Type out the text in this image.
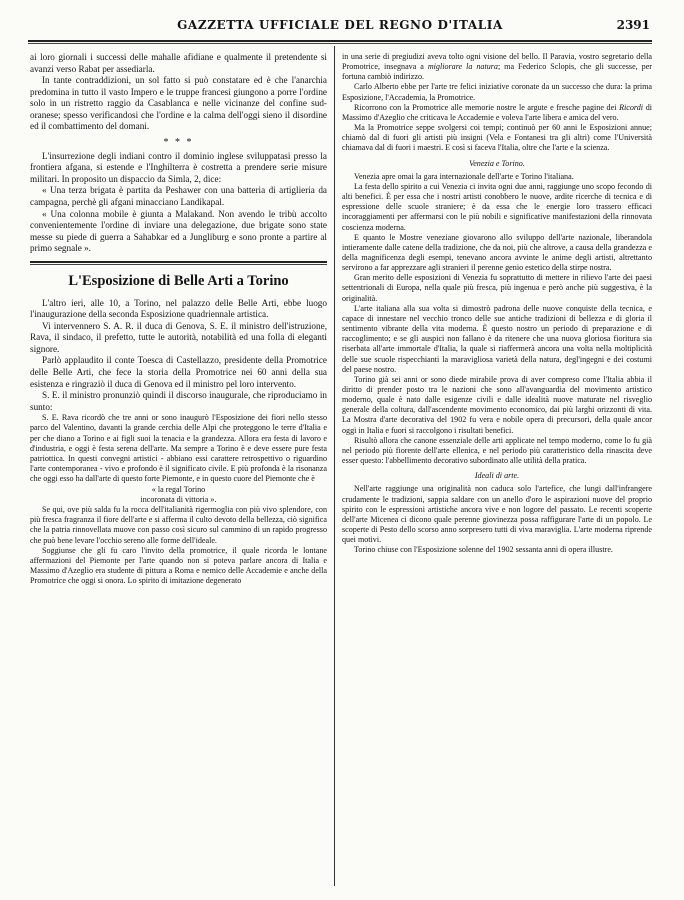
GAZZETTA UFFICIALE DEL REGNO D'ITALIA	2391

ai loro giornali i successi delle mahalle afidiane e qualmente il pretendente si avanzi verso Rabat per assediarla.

In tante contraddizioni, un sol fatto si può constatare ed è che l'anarchia predomina in tutto il vasto Impero e le truppe francesi giungono a porre l'ordine solo in un ristretto raggio da Casablanca e nelle vicinanze del confine sud-oranese; spesso verificandosi che l'ordine e la calma dell'oggi sieno il disordine ed il combattimento del domani.

* * *

L'insurrezione degli indiani contro il dominio inglese sviluppatasi presso la frontiera afgana, si estende e l'Inghilterra è costretta a prendere serie misure militari. In proposito un dispaccio da Simla, 2, dice:

« Una terza brigata è partita da Peshawer con una batteria di artiglieria da campagna, perchè gli afgani minacciano Landikapal.

« Una colonna mobile è giunta a Malakand. Non avendo le tribù accolto convenientemente l'ordine di inviare una delegazione, due brigate sono state messe su piede di guerra a Sahabkar ed a Jungliburg e sono pronte a partire al primo segnale ».

L'Esposizione di Belle Arti a Torino

L'altro ieri, alle 10, a Torino, nel palazzo delle Belle Arti, ebbe luogo l'inaugurazione della seconda Esposizione quadriennale artistica.

Vi intervennero S. A. R. il duca di Genova, S. E. il ministro dell'istruzione, Rava, il sindaco, il prefetto, tutte le autorità, notabilità ed una folla di eleganti signore.

Parlò applaudito il conte Toesca di Castellazzo, presidente della Promotrice delle Belle Arti, che fece la storia della Promotrice nei 60 anni della sua esistenza e ringraziò il duca di Genova ed il ministro pel loro intervento.

S. E. il ministro pronunziò quindi il discorso inaugurale, che riproduciamo in sunto:

S. E. Rava ricordò che tre anni or sono inaugurò l'Esposizione dei fiori nello stesso parco del Valentino, davanti la grande cerchia delle Alpi che proteggono le terre d'Italia e per che diano a Torino e ai figli suoi la tenacia e la grandezza. Allora era festa di lavoro e d'industria, e oggi è festa serena dell'arte. Ma sempre a Torino è e deve essere pure festa patriottica. In questi convegni artistici - abbiano essi carattere retrospettivo o riguardino l'arte contemporanea - vivo e profondo è il significato civile. E più profonda è la risonanza che oggi esso ha dall'arte di questo forte Piemonte, e in questo cuore del Piemonte che è

« la regal Torino

incoronata di vittoria ».

Se qui, ove più salda fu la rocca dell'italianità rigermoglia con più vivo splendore, con più fresca fragranza il fiore dell'arte e si afferma il culto devoto della bellezza, ciò significa che la patria rinnovellata muove con passo così sicuro sul cammino di un rapido progresso che può bene levare l'occhio sereno alle forme dell'ideale.

Soggiunse che gli fu caro l'invito della promotrice, il quale ricorda le lontane affermazioni del Piemonte per l'arte quando non si poteva parlare ancora di Italia e Massimo d'Azeglio era studente di pittura a Roma e nemico delle Accademie e anche della Promotrice che oggi si onora. Lo spirito di imitazione degenerato

in una serie di pregiudizi aveva tolto ogni visione del bello. Il Paravia, vostro segretario della Promotrice, insegnava a migliorare la natura; ma Federico Sclopis, che gli successe, per fortuna cambiò indirizzo.

Carlo Alberto ebbe per l'arte tre felici iniziative coronate da un successo che dura: la prima Esposizione, l'Accademia, la Promotrice.

Ricorrono con la Promotrice alle memorie nostre le argute e fresche pagine dei Ricordi di Massimo d'Azeglio che criticava le Accademie e voleva l'arte libera e amica del vero.

Ma la Promotrice seppe svolgersi coi tempi; continuò per 60 anni le Esposizioni annue; chiamò dal di fuori gli artisti più insigni (Vela e Fontanesi tra gli altri) come l'Università chiamava dal di fuori i maestri. E così si faceva l'Italia, oltre che l'arte e la scienza.

Venezia e Torino.

Venezia apre omai la gara internazionale dell'arte e Torino l'italiana.

La festa dello spirito a cui Venezia ci invita ogni due anni, raggiunge uno scopo fecondo di alti benefici. È per essa che i nostri artisti conobbero le nuove, ardite ricerche di tecnica e di espressione delle scuole straniere; è da essa che le energie loro trassero efficaci incoraggiamenti per affermarsi con le più nobili e significative manifestazioni della rinnovata coscienza moderna.

E quanto le Mostre veneziane giovarono allo sviluppo dell'arte nazionale, liberandola intieramente dalle catene della tradizione, che da noi, più che altrove, a causa della grandezza e della magnificenza degli esempi, tenevano ancora avvinte le anime degli artisti, altrettanto servirono a far apprezzare agli stranieri il perenne genio estetico della stirpe nostra.

Gran merito delle esposizioni di Venezia fu soprattutto di mettere in rilievo l'arte dei paesi settentrionali di Europa, nella quale più fresca, più ingenua e però anche più suggestiva, è la originalità.

L'arte italiana alla sua volta si dimostrò padrona delle nuove conquiste della tecnica, e capace di innestare nel vecchio tronco delle sue antiche tradizioni di bellezza e di gloria il sentimento vibrante della vita moderna. È questo nostro un periodo di preparazione e di raccoglimento; e se gli auspici non fallano è da ritenere che una nuova gloriosa fioritura sia riserbata all'arte immortale d'Italia, la quale si riaffermerà ancora una volta nella moltiplicità delle sue scuole rispecchianti la maravigliosa varietà della natura, degl'ingegni e dei costumi del paese nostro.

Torino già sei anni or sono diede mirabile prova di aver compreso come l'Italia abbia il diritto di prender posto tra le nazioni che sono all'avanguardia del movimento artistico moderno, quale è nato dalle esigenze civili e dalle idealità nuove maturate nel risveglio generale della coltura, dall'ascendente movimento economico, dai più larghi orizzonti di vita. La Mostra d'arte decorativa del 1902 fu vera e nobile opera di precursori, della quale ancor oggi in Italia e fuori si raccolgono i risultati benefici.

Risultò allora che canone essenziale delle arti applicate nel tempo moderno, come lo fu già nel periodo più fiorente dell'arte ellenica, e nel periodo più caratteristico della rinascita deve esser questo: l'abbellimento decorativo subordinato alle utilità della pratica.

Ideali di arte.

Nell'arte raggiunge una originalità non caduca solo l'artefice, che lungi dall'infrangere crudamente le tradizioni, sappia saldare con un anello d'oro le aspirazioni nuove del proprio spirito con le espressioni artistiche ancora vive e non logore del passato. Le recenti scoperte dell'arte Micenea ci dicono quale perenne giovinezza possa raffigurare l'arte di un popolo. Le scoperte di Pesto dello scorso anno sorpresero tutti di viva maraviglia. L'arte moderna riprende quei motivi.

Torino chiuse con l'Esposizione solenne del 1902 sessanta anni di opera illustre.
